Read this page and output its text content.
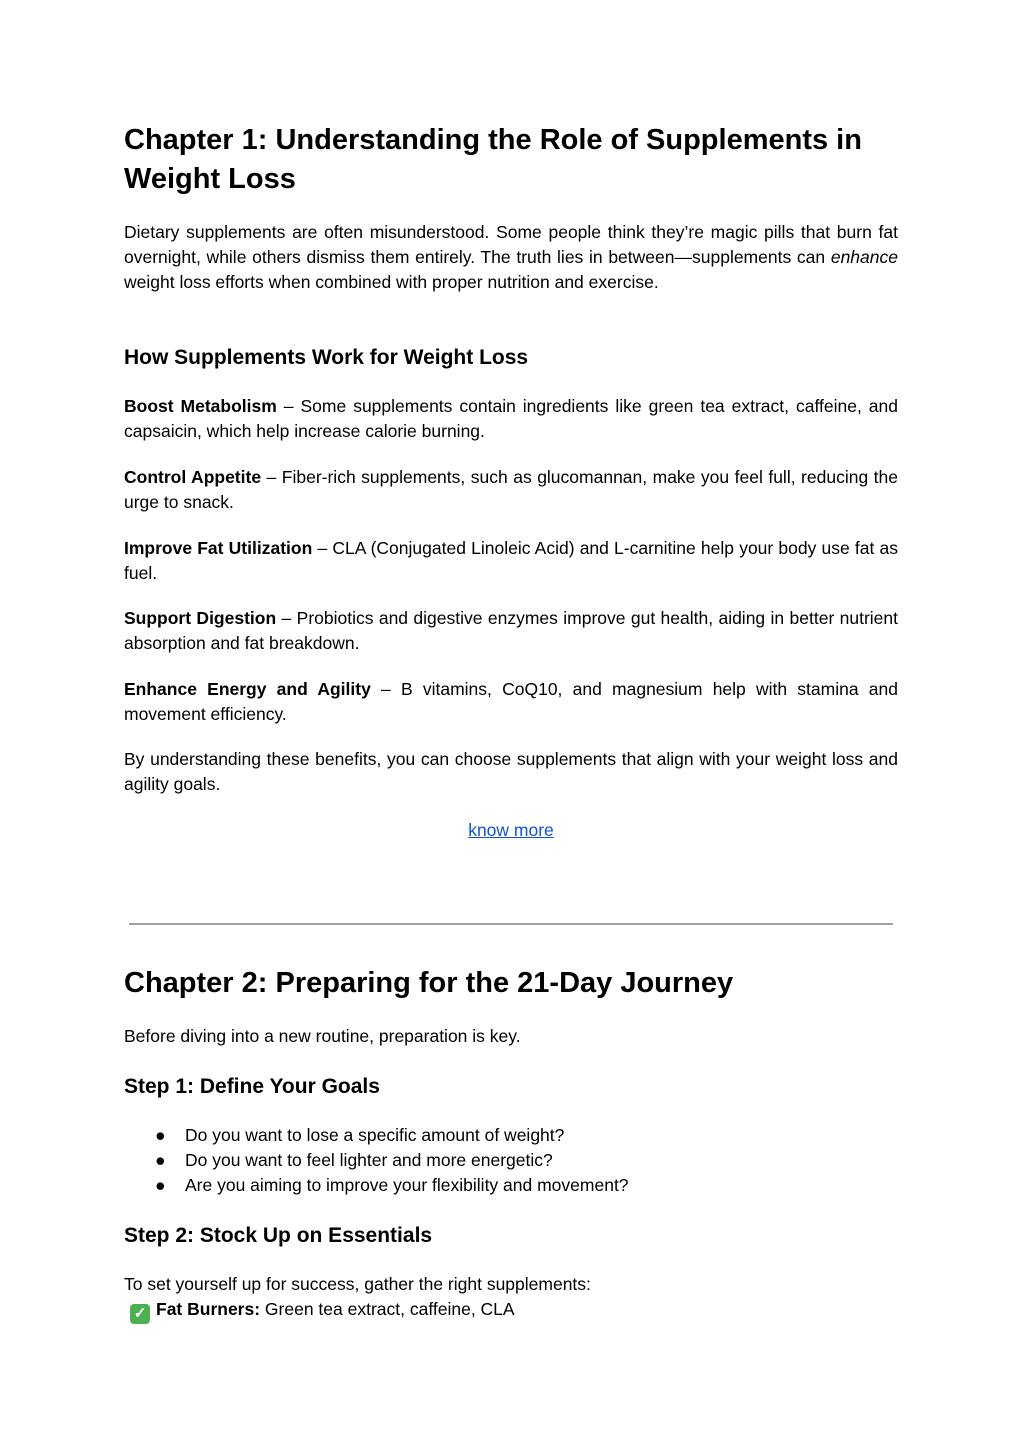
Chapter 1: Understanding the Role of Supplements in Weight Loss

Dietary supplements are often misunderstood. Some people think they’re magic pills that burn fat overnight, while others dismiss them entirely. The truth lies in between—supplements can enhance weight loss efforts when combined with proper nutrition and exercise.

How Supplements Work for Weight Loss

Boost Metabolism – Some supplements contain ingredients like green tea extract, caffeine, and capsaicin, which help increase calorie burning.

Control Appetite – Fiber-rich supplements, such as glucomannan, make you feel full, reducing the urge to snack.

Improve Fat Utilization – CLA (Conjugated Linoleic Acid) and L-carnitine help your body use fat as fuel.

Support Digestion – Probiotics and digestive enzymes improve gut health, aiding in better nutrient absorption and fat breakdown.

Enhance Energy and Agility – B vitamins, CoQ10, and magnesium help with stamina and movement efficiency.

By understanding these benefits, you can choose supplements that align with your weight loss and agility goals.

know more
Chapter 2: Preparing for the 21-Day Journey

Before diving into a new routine, preparation is key.

Step 1: Define Your Goals
● Do you want to lose a specific amount of weight?
● Do you want to feel lighter and more energetic?
● Are you aiming to improve your flexibility and movement?
Step 2: Stock Up on Essentials

To set yourself up for success, gather the right supplements:

✓ Fat Burners: Green tea extract, caffeine, CLA
